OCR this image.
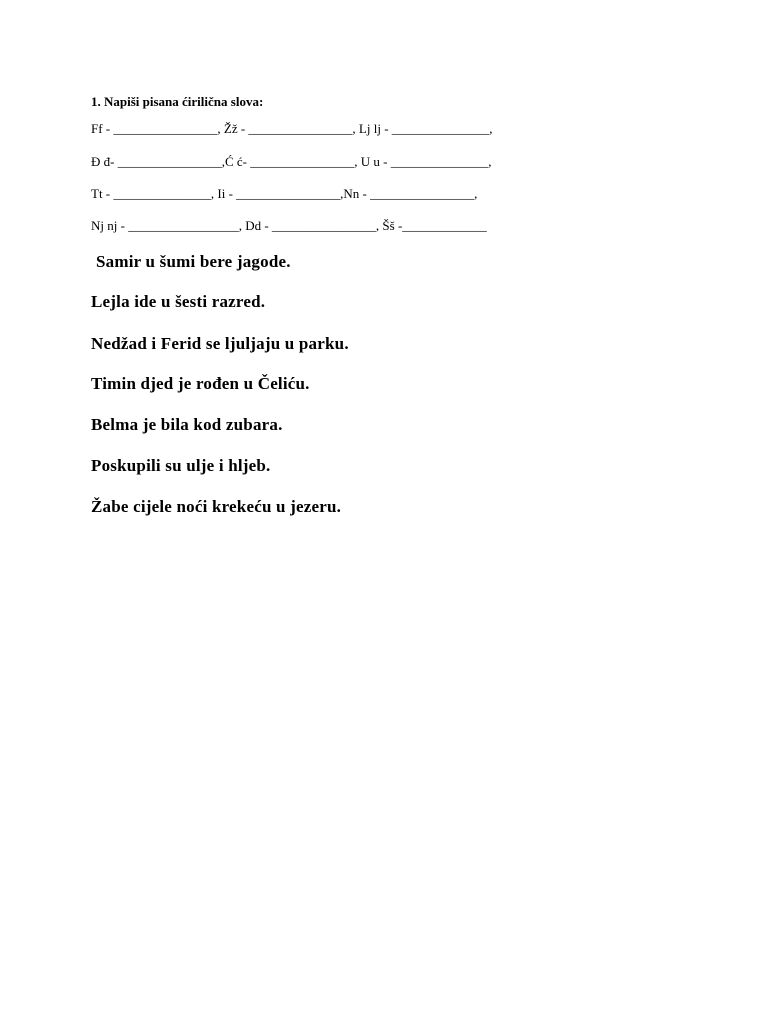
1. Napiši pisana ćirilična slova:
Ff - ________________, Žž - ________________, Lj lj - _______________,
Đ đ- ________________,Ć ć- ________________, U u - _______________,
Tt - _______________, Ii - ________________,Nn - ________________,
Nj nj - _________________, Dd - ________________, Šš -_____________
Samir u šumi bere jagode.
Lejla ide u šesti razred.
Nedžad i Ferid se ljuljaju u parku.
Timin djed je rođen u Čeliću.
Belma je bila kod zubara.
Poskupili su ulje i hljeb.
Žabe cijele noći krekeću u jezeru.
